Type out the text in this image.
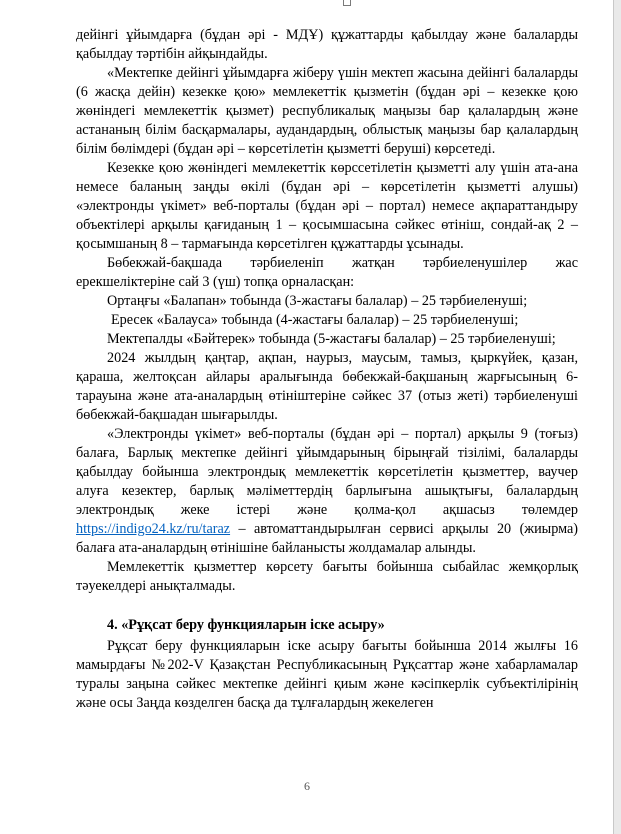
дейінгі ұйымдарға (бұдан әрі - МДҰ) құжаттарды қабылдау және балаларды қабылдау тәртібін айқындайды.

«Мектепке дейінгі ұйымдарға жіберу үшін мектеп жасына дейінгі балаларды (6 жасқа дейін) кезекке қою» мемлекеттік қызметін (бұдан әрі – кезекке қою жөніндегі мемлекеттік қызмет) республикалық маңызы бар қалалардың және астананың білім басқармалары, аудандардың, облыстық маңызы бар қалалардың білім бөлімдері (бұдан әрі – көрсетілетін қызметті беруші) көрсетеді.

Кезекке қою жөніндегі мемлекеттік көрссетілетін қызметті алу үшін ата-ана немесе баланың заңды өкілі (бұдан әрі – көрсетілетін қызметті алушы) «электронды үкімет» веб-порталы (бұдан әрі – портал) немесе ақпараттандыру объектілері арқылы қағиданың 1 – қосымшасына сәйкес өтініш, сондай-ақ 2 – қосымшаның 8 – тармағында көрсетілген құжаттарды ұсынады.

Бөбекжай-бақшада тәрбиеленіп жатқан тәрбиеленушілер жас ерекшеліктеріне сай 3 (үш) топқа орналасқан:

Ортаңғы «Балапан» тобында (3-жастағы балалар) – 25 тәрбиеленуші;

Ересек «Балауса» тобында (4-жастағы балалар) – 25 тәрбиеленуші;

Мектепалды «Бәйтерек» тобында (5-жастағы балалар) – 25 тәрбиеленуші;

2024 жылдың қаңтар, ақпан, наурыз, маусым, тамыз, қыркүйек, қазан, қараша, желтоқсан айлары аралығында бөбекжай-бақшаның жарғысының 6-тарауына және ата-аналардың өтініштеріне сәйкес 37 (отыз жеті) тәрбиеленуші бөбекжай-бақшадан шығарылды.

«Электронды үкімет» веб-порталы (бұдан әрі – портал) арқылы 9 (тоғыз) балаға, Барлық мектепке дейінгі ұйымдарының бірыңғай тізілімі, балаларды қабылдау бойынша электрондық мемлекеттік көрсетілетін қызметтер, ваучер алуға кезектер, барлық мәліметтердің барлығына ашықтығы, балалардың электрондық жеке істері және қолма-қол ақшасыз төлемдер https://indigo24.kz/ru/taraz – автоматтандырылған сервисі арқылы 20 (жиырма) балаға ата-аналардың өтінішіне байланысты жолдамалар алынды.

Мемлекеттік қызметтер көрсету бағыты бойынша сыбайлас жемқорлық тәуекелдері анықталмады.

4. «Рұқсат беру функцияларын іске асыру»

Рұқсат беру функцияларын іске асыру бағыты бойынша 2014 жылғы 16 мамырдағы №202-V Қазақстан Республикасының Рұқсаттар және хабарламалар туралы заңына сәйкес мектепке дейінгі қиым және кәсіпкерлік субъектілірінің және осы Заңда көзделген басқа да тұлғалардың жекелеген

6
